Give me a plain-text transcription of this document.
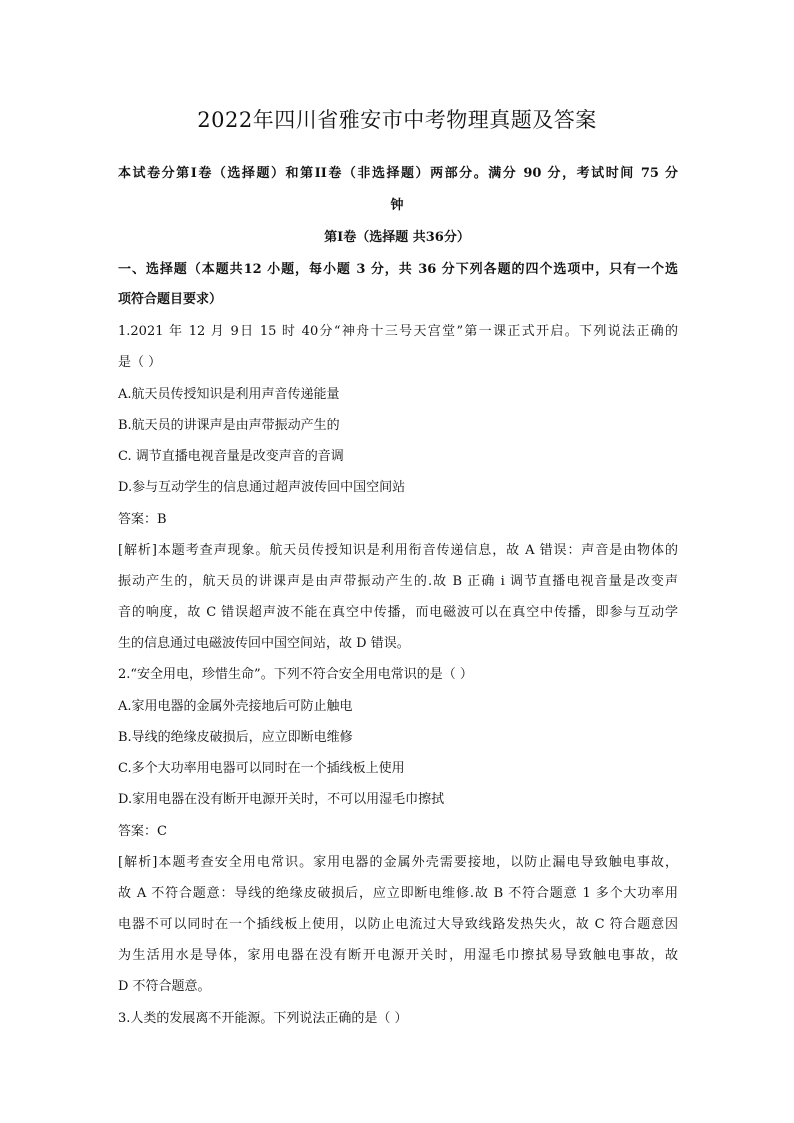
2022年四川省雅安市中考物理真题及答案
本试卷分第Ⅰ卷（选择题）和第II卷（非选择题）两部分。满分 90 分，考试时间 75 分
钟
第Ⅰ卷（选择题 共36分）
一、选择题（本题共12 小题，每小题 3 分，共 36 分下列各题的四个选项中，只有一个选
项符合题目要求）
1.2021 年 12 月 9日 15 时 40分“神舟十三号天宫堂”第一课正式开启。下列说法正确的
是（ ）
A.航天员传授知识是利用声音传递能量
B.航天员的讲课声是由声带振动产生的
C. 调节直播电视音量是改变声音的音调
D.参与互动学生的信息通过超声波传回中国空间站
答案：B
[解析]本题考查声现象。航天员传授知识是利用衔音传递信息，故 A 错误：声音是由物体的
振动产生的，航天员的讲课声是由声带振动产生的.故 B 正确 i 调节直播电视音量是改变声
音的响度，故 C 错误超声波不能在真空中传播，而电磁波可以在真空中传播，即参与互动学
生的信息通过电磁波传回中国空间站，故 D 错误。
2.“安全用电，珍惜生命”。下列不符合安全用电常识的是（ ）
A.家用电器的金属外壳接地后可防止触电
B.导线的绝缘皮破损后，应立即断电维修
C.多个大功率用电器可以同时在一个插线板上使用
D.家用电器在没有断开电源开关时，不可以用湿毛巾擦拭
答案：C
[解析]本题考查安全用电常识。家用电器的金属外壳需要接地，以防止漏电导致触电事故，
故 A 不符合题意：导线的绝缘皮破损后，应立即断电维修.故 B 不符合题意 1 多个大功率用
电器不可以同时在一个插线板上使用，以防止电流过大导致线路发热失火，故 C 符合题意因
为生活用水是导体，家用电器在没有断开电源开关时，用湿毛巾擦拭易导致触电事故，故
D 不符合题意。
3.人类的发展离不开能源。下列说法正确的是（ ）
